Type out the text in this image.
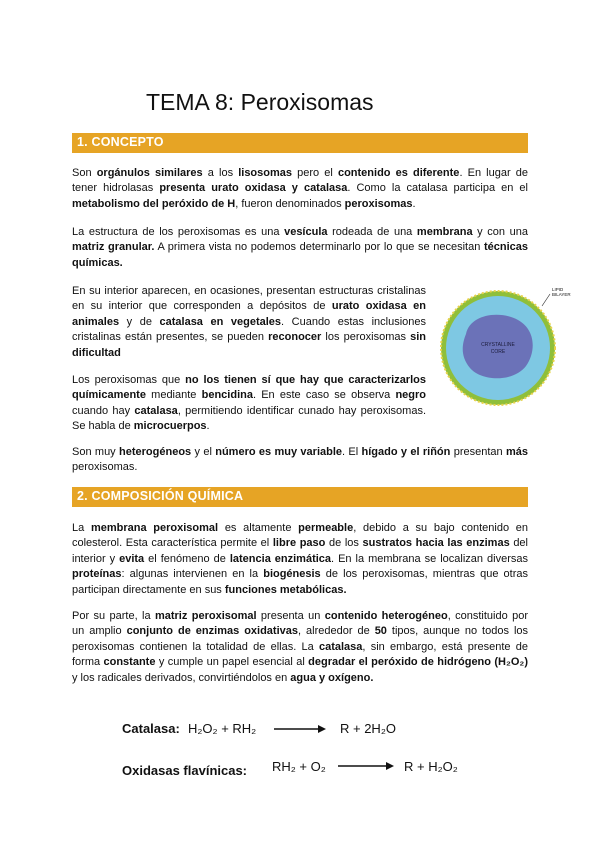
TEMA 8: Peroxisomas
1. CONCEPTO

Son orgánulos similares a los lisosomas pero el contenido es diferente. En lugar de tener hidrolasas presenta urato oxidasa y catalasa. Como la catalasa participa en el metabolismo del peróxido de H, fueron denominados peroxisomas.

La estructura de los peroxisomas es una vesícula rodeada de una membrana y con una matriz granular. A primera vista no podemos determinarlo por lo que se necesitan técnicas químicas.

En su interior aparecen, en ocasiones, presentan estructuras cristalinas en su interior que corresponden a depósitos de urato oxidasa en animales y de catalasa en vegetales. Cuando estas inclusiones cristalinas están presentes, se pueden reconocer los peroxisomas sin dificultad

Los peroxisomas que no los tienen sí que hay que caracterizarlos químicamente mediante bencidina. En este caso se observa negro cuando hay catalasa, permitiendo identificar cunado hay peroxisomas. Se habla de microcuerpos.

Son muy heterogéneos y el número es muy variable. El hígado y el riñón presentan más peroxisomas.

CRYSTALLINE
CORE
LIPID
BILAYER
2. COMPOSICIÓN QUÍMICA

La membrana peroxisomal es altamente permeable, debido a su bajo contenido en colesterol. Esta característica permite el libre paso de los sustratos hacia las enzimas del interior y evita el fenómeno de latencia enzimática. En la membrana se localizan diversas proteínas: algunas intervienen en la biogénesis de los peroxisomas, mientras que otras participan directamente en sus funciones metabólicas.

Por su parte, la matriz peroxisomal presenta un contenido heterogéneo, constituido por un amplio conjunto de enzimas oxidativas, alrededor de 50 tipos, aunque no todos los peroxisomas contienen la totalidad de ellas. La catalasa, sin embargo, está presente de forma constante y cumple un papel esencial al degradar el peróxido de hidrógeno (H₂O₂) y los radicales derivados, convirtiéndolos en agua y oxígeno.

Catalasa: H₂O₂ + RH₂ → R + 2H₂O
Oxidasas flavínicas: RH₂ + O₂ → R + H₂O₂
